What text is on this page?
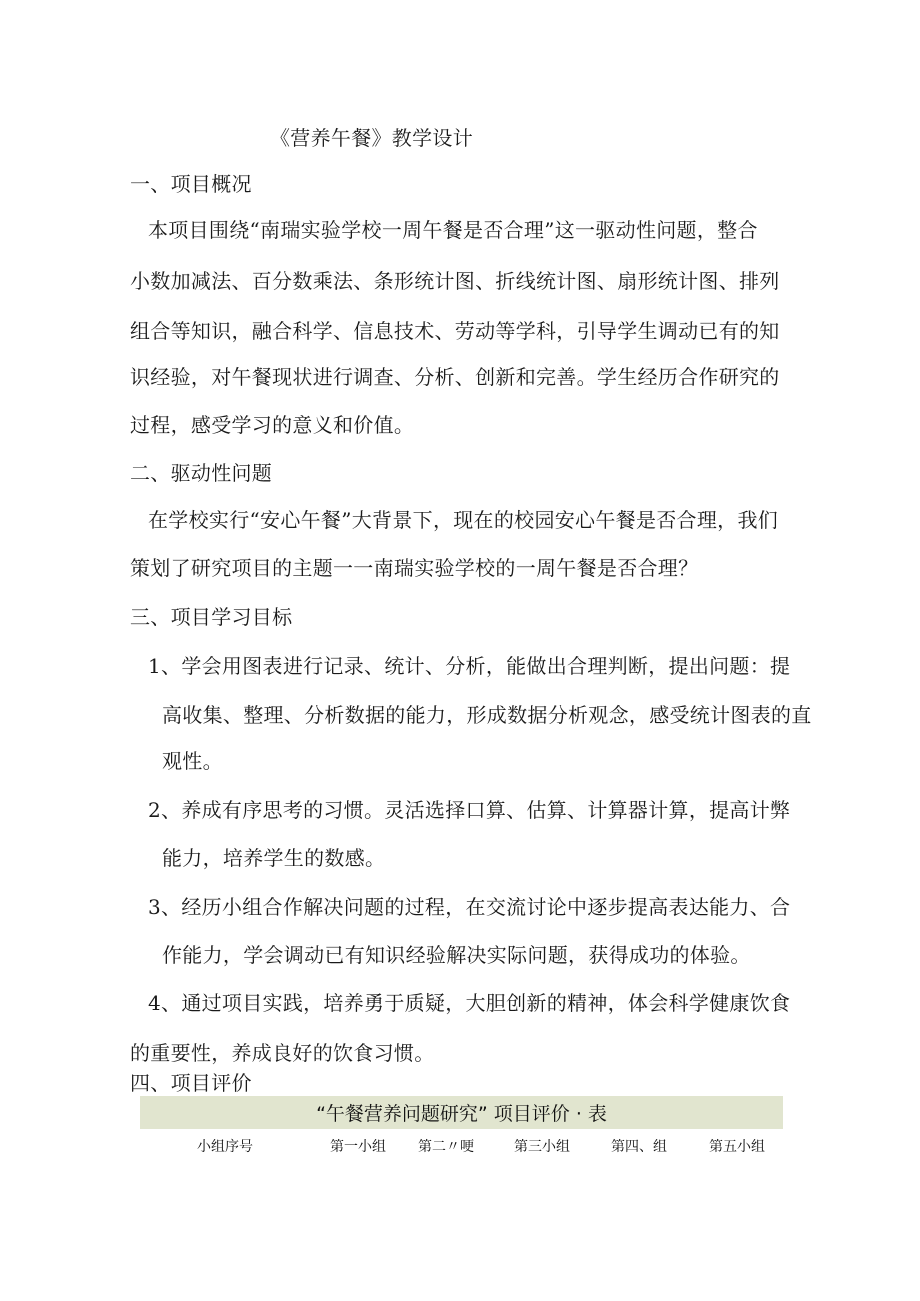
《营养午餐》教学设计
一、项目概况
本项目围绕“南瑞实验学校一周午餐是否合理”这一驱动性问题，整合
小数加减法、百分数乘法、条形统计图、折线统计图、扇形统计图、排列
组合等知识，融合科学、信息技术、劳动等学科，引导学生调动已有的知
识经验，对午餐现状进行调查、分析、创新和完善。学生经历合作研究的
过程，感受学习的意义和价值。
二、驱动性问题
在学校实行“安心午餐”大背景下，现在的校园安心午餐是否合理，我们
策划了研究项目的主题一一南瑞实验学校的一周午餐是否合理？
三、项目学习目标
1、学会用图表进行记录、统计、分析，能做出合理判断，提出问题：提
高收集、整理、分析数据的能力，形成数据分析观念，感受统计图表的直
观性。
2、养成有序思考的习惯。灵活选择口算、估算、计算器计算，提高计弊
能力，培养学生的数感。
3、经历小组合作解决问题的过程，在交流讨论中逐步提高表达能力、合
作能力，学会调动已有知识经验解决实际问题，获得成功的体验。
4、通过项目实践，培养勇于质疑，大胆创新的精神，体会科学健康饮食
的重要性，养成良好的饮食习惯。
四、项目评价
“午餐营养问题研究” 项目评价 · 表
小组序号	第一小组 第二〃哽	第三小组	第四、组	第五小组
